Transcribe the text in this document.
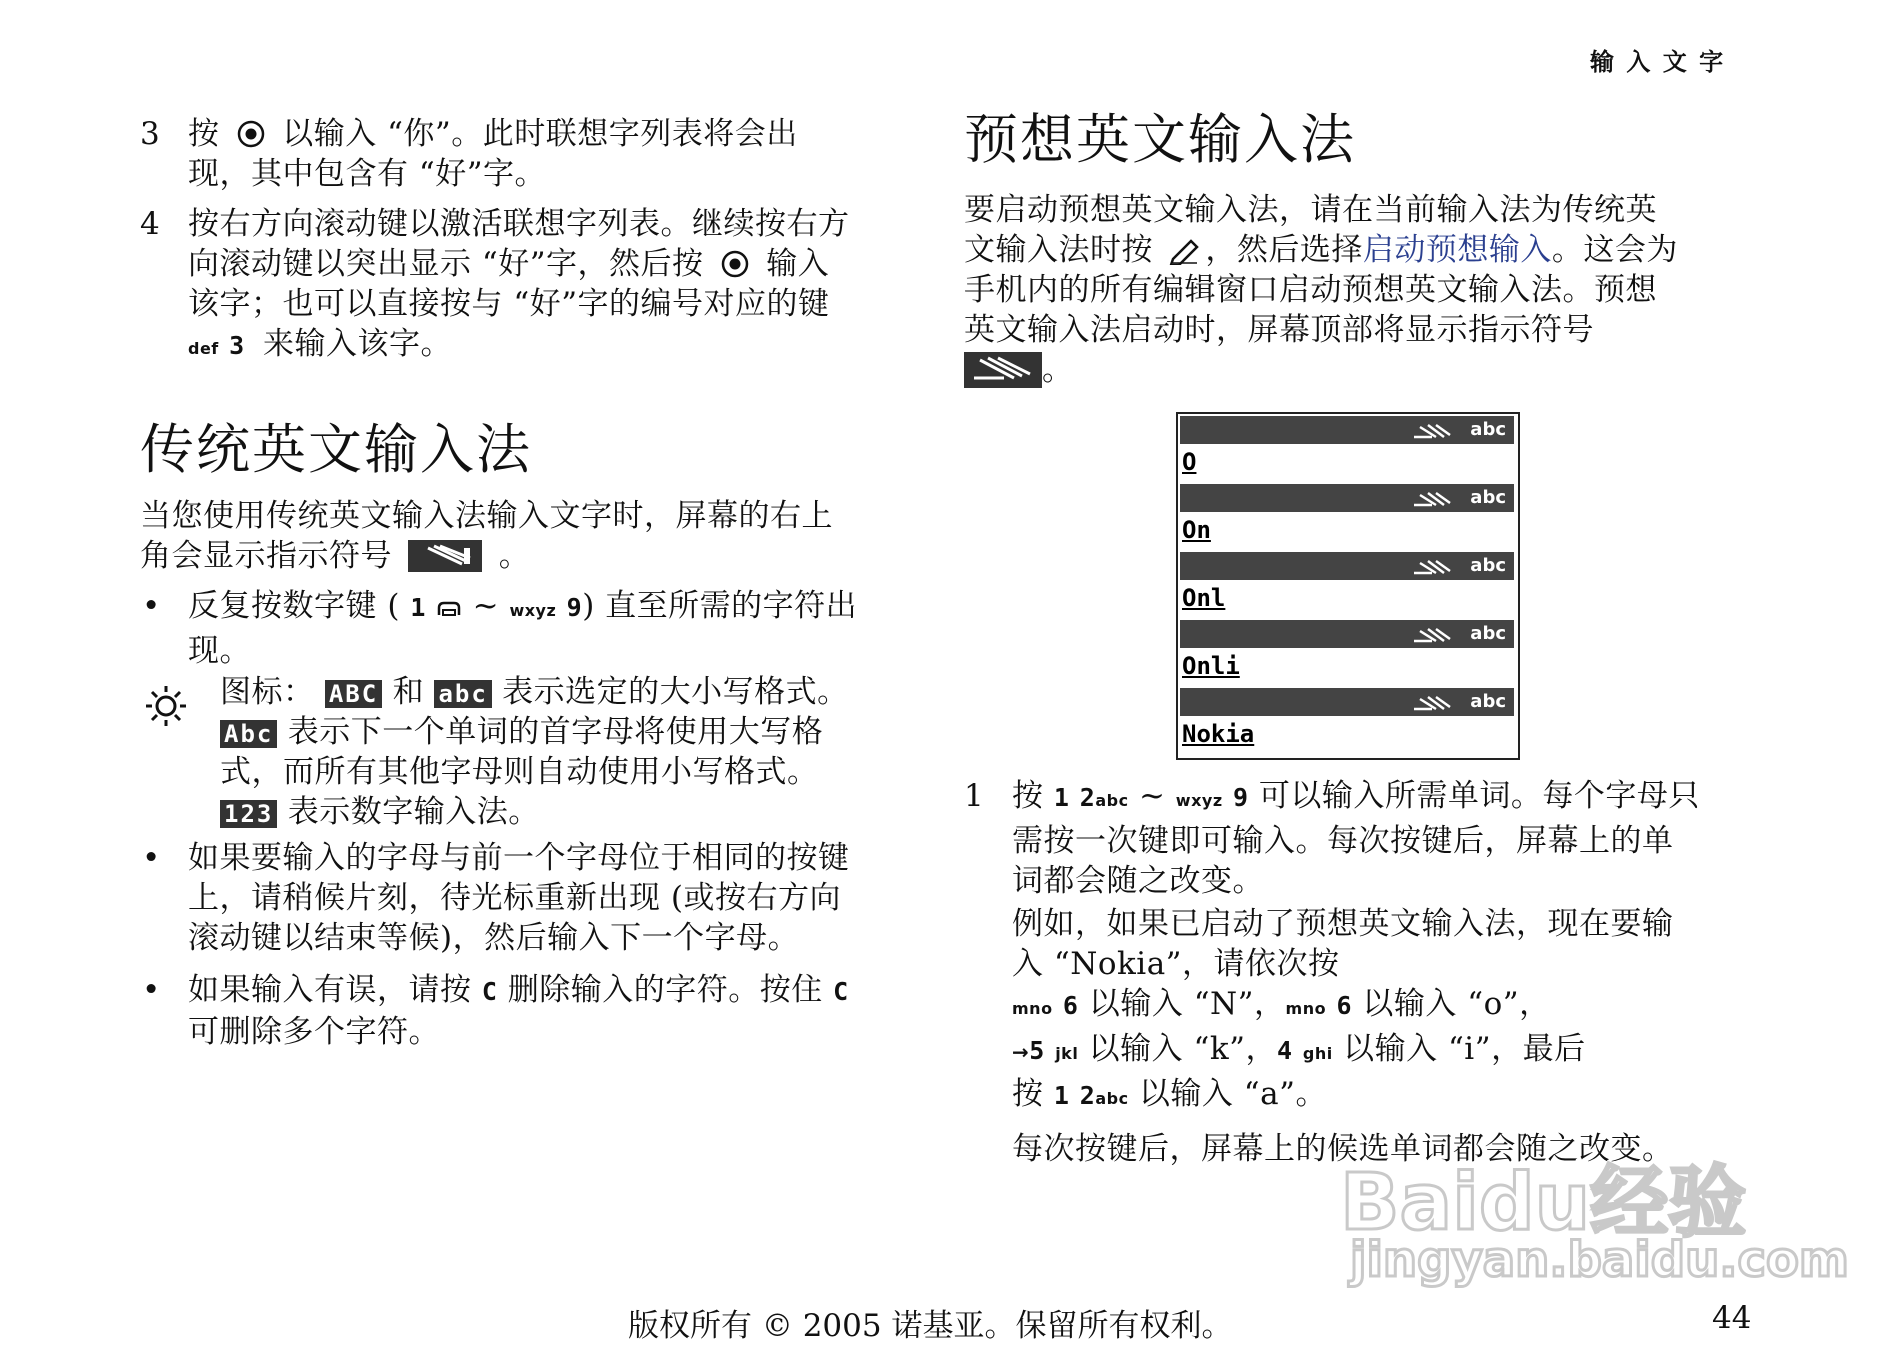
输 入 文 字
3 按 以输入 “你”。此时联想字列表将会出
现，其中包含有 “好”字。
4 按右方向滚动键以激活联想字列表。继续按右方
向滚动键以突出显示 “好”字，然后按 输入
该字；也可以直接按与 “好”字的编号对应的键
def 3 来输入该字。
传统英文输入法
当您使用传统英文输入法输入文字时，屏幕的右上
角会显示指示符号	。
• 反复按数字键 ( 1 ~ wxyz 9) 直至所需的字符出
现。
图标： ABC 和 abc 表示选定的大小写格式。
Abc 表示下一个单词的首字母将使用大写格
式，而所有其他字母则自动使用小写格式。
123 表示数字输入法。
• 如果要输入的字母与前一个字母位于相同的按键
上，请稍候片刻，待光标重新出现 (或按右方向
滚动键以结束等候)，然后输入下一个字母。
• 如果输入有误，请按 C 删除输入的字符。按住 C
可删除多个字符。
预想英文输入法
要启动预想英文输入法，请在当前输入法为传统英
文输入法时按 ，然后选择启动预想输入。这会为
手机内的所有编辑窗口启动预想英文输入法。预想
英文输入法启动时，屏幕顶部将显示指示符号
。
abc
O
abc
On
abc
Onl
abc
Onli
abc
Nokia
1 按 1 2abc ~ wxyz 9 可以输入所需单词。每个字母只
需按一次键即可输入。每次按键后，屏幕上的单
词都会随之改变。
例如，如果已启动了预想英文输入法，现在要输
入 “Nokia”，请依次按
mno 6 以输入 “N”，mno 6 以输入 “o”，
→5 jkl 以输入 “k”，4 ghi 以输入 “i”，最后
按 1 2abc 以输入 “a”。

每次按键后，屏幕上的候选单词都会随之改变。
Baidu经验
jingyan.baidu.com
版权所有 © 2005 诺基亚。保留所有权利。	44
